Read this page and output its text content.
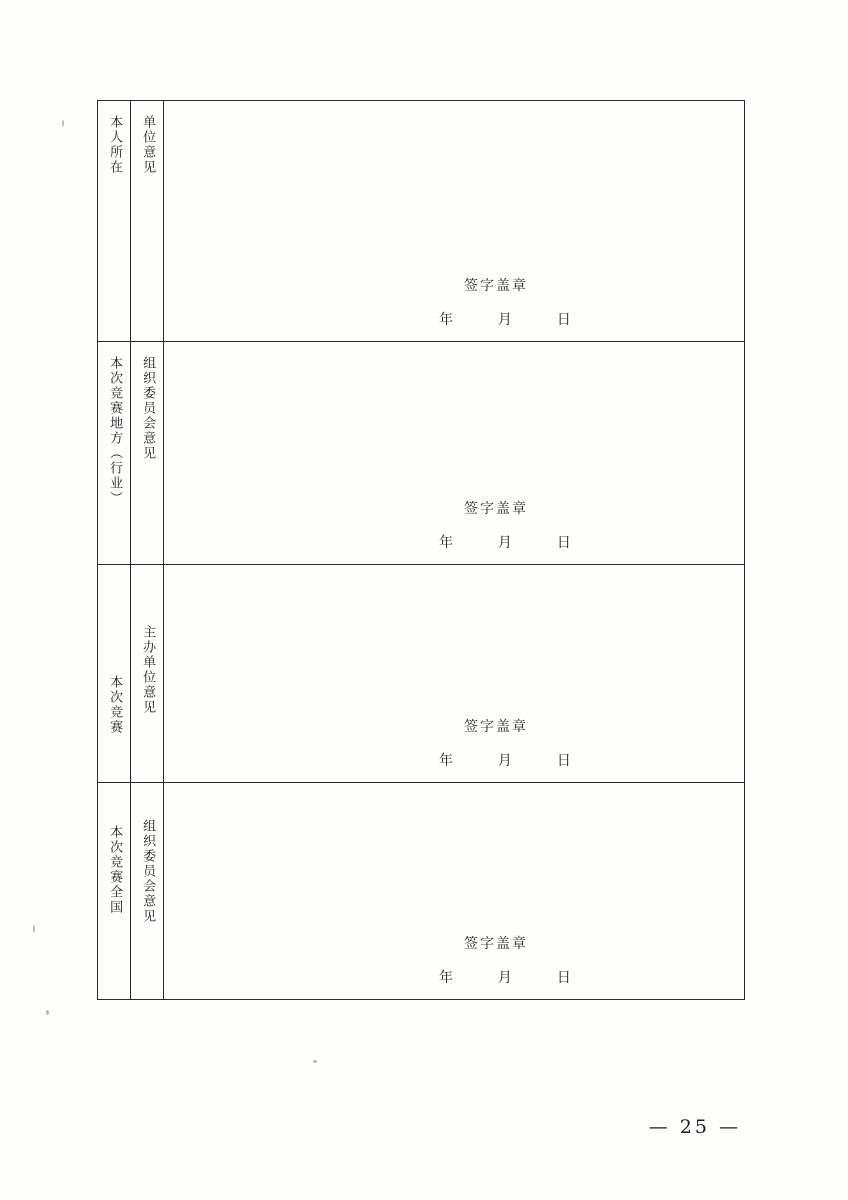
本人所在	单位意见	签字盖章
年 月 日

本次竞赛地方（行业）	组织委员会意见	签字盖章
年 月 日

本次竞赛	主办单位意见	签字盖章
年 月 日

本次竞赛全国	组织委员会意见	签字盖章
年 月 日
— 25 —
